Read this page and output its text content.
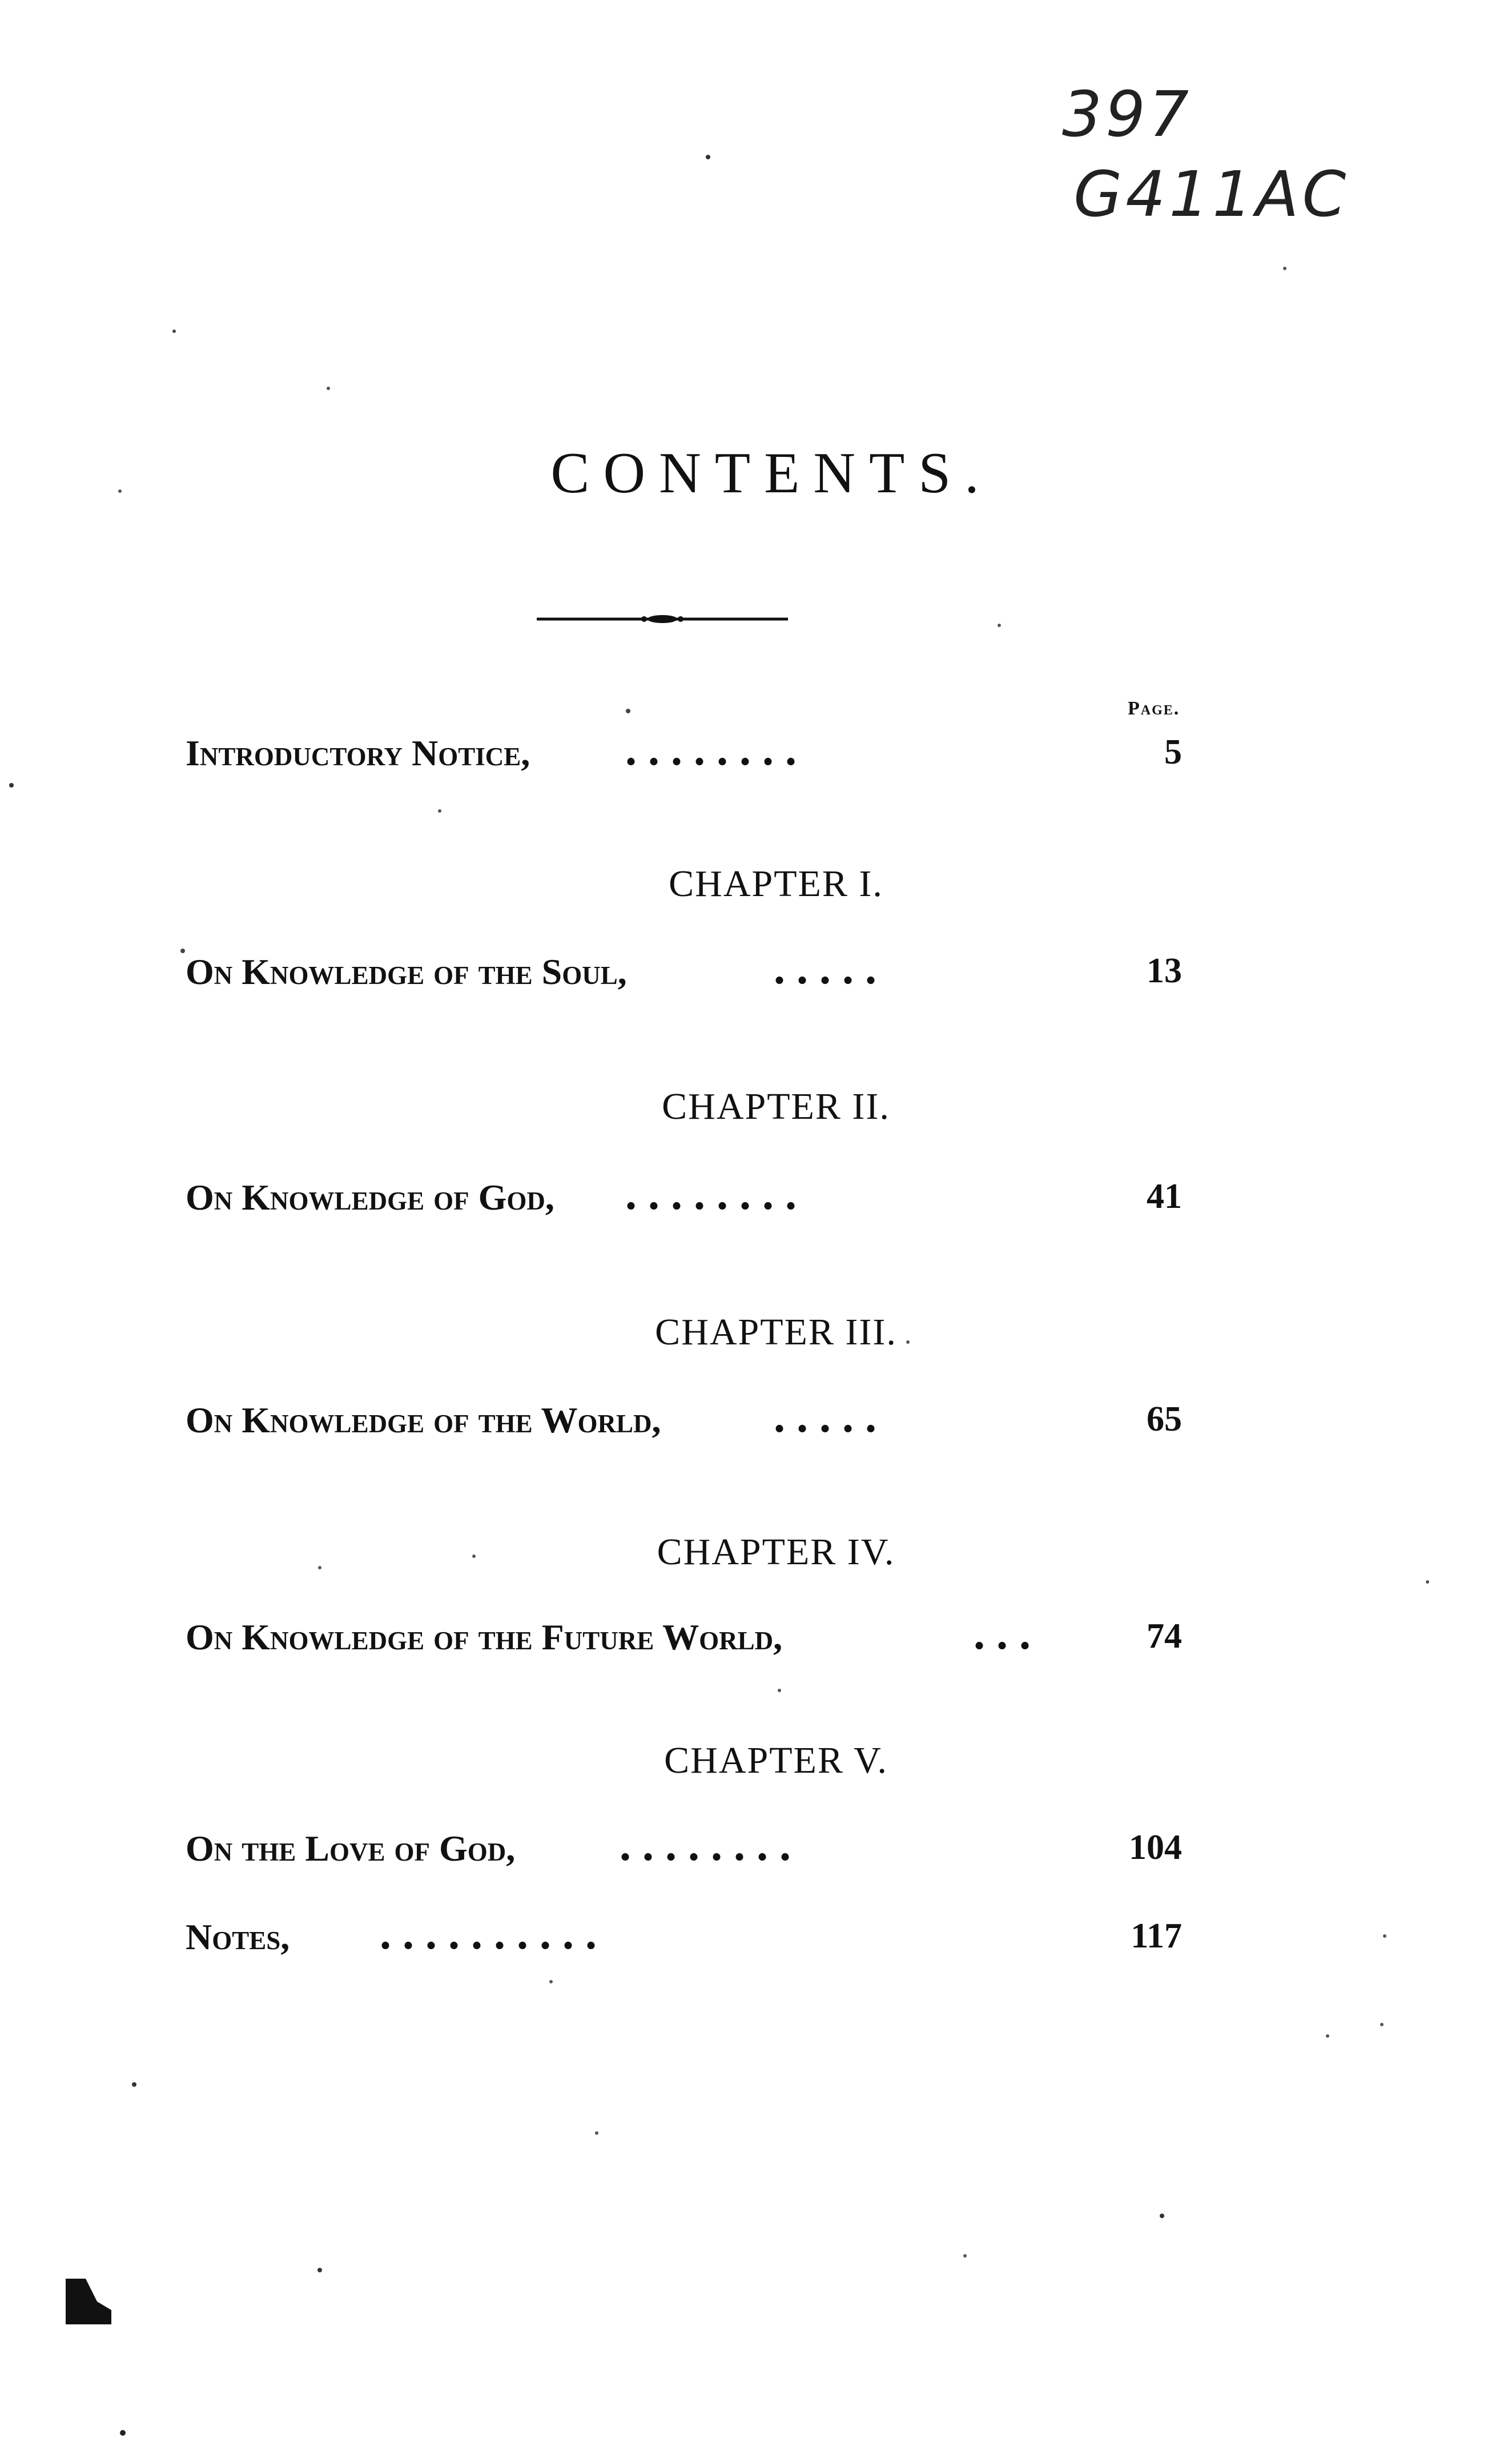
397
G411AC
CONTENTS.
Page.
Introductory Notice, . . . . . . . .	5
CHAPTER I.
On Knowledge of the Soul,	. . . . .	13
CHAPTER II.
On Knowledge of God, . . . . . . . .	41
CHAPTER III.
On Knowledge of the World, . . . . .	65
CHAPTER IV.
On Knowledge of the Future World,	. . .	74
CHAPTER V.
On the Love of God, . . . . . . . .	104
Notes, . . . . . . . . . .	117
